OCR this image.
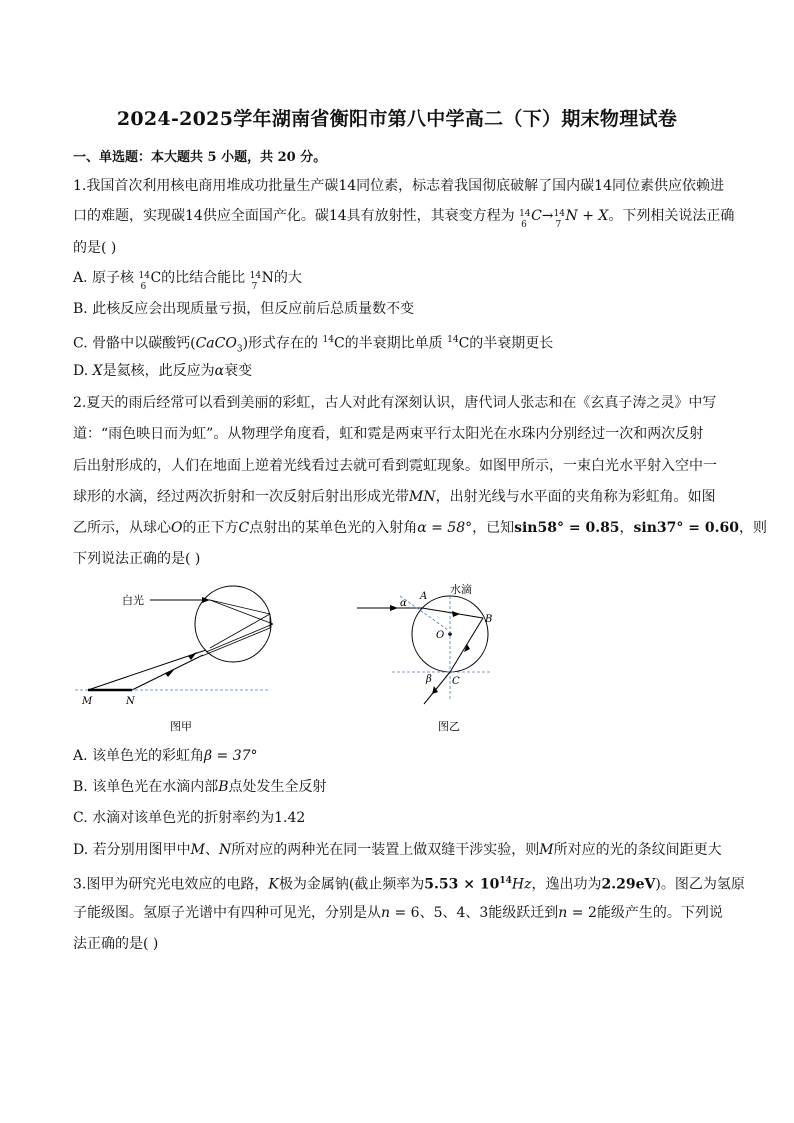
2024-2025学年湖南省衡阳市第八中学高二（下）期末物理试卷
一、单选题：本大题共 5 小题，共 20 分。
1.我国首次利用核电商用堆成功批量生产碳14同位素，标志着我国彻底破解了国内碳14同位素供应依赖进
口的难题，实现碳14供应全面国产化。碳14具有放射性，其衰变方程为 14
6
C→ 14
7
N + X。下列相关说法正确
的是( )
A. 原子核 14
6
C的比结合能比 14
7
N的大
B. 此核反应会出现质量亏损，但反应前后总质量数不变
C. 骨骼中以碳酸钙(CaCO$_3$)形式存在的 $^{14}$C的半衰期比单质 $^{14}$C的半衰期更长
D. X是氦核，此反应为α衰变
2.夏天的雨后经常可以看到美丽的彩虹，古人对此有深刻认识，唐代词人张志和在《玄真子涛之灵》中写
道：“雨色映日而为虹”。从物理学角度看，虹和霓是两束平行太阳光在水珠内分别经过一次和两次反射
后出射形成的，人们在地面上逆着光线看过去就可看到霓虹现象。如图甲所示，一束白光水平射入空中一
球形的水滴，经过两次折射和一次反射后射出形成光带MN，出射光线与水平面的夹角称为彩虹角。如图
乙所示，从球心O的正下方C点射出的某单色光的入射角α = 58°，已知sin58° = 0.85，sin37° = 0.60，则
下列说法正确的是( )
白光
M	N
图甲
水滴
α
A
B
O
β C
图乙
A. 该单色光的彩虹角β = 37°
B. 该单色光在水滴内部B点处发生全反射
C. 水滴对该单色光的折射率约为1.42
D. 若分别用图甲中M、N所对应的两种光在同一装置上做双缝干涉实验，则M所对应的光的条纹间距更大
3.图甲为研究光电效应的电路，K极为金属钠(截止频率为$5.53 \times 10^{14}Hz$，逸出功为2.29eV)。图乙为氢原
子能级图。氢原子光谱中有四种可见光，分别是从n = 6、5、4、3能级跃迁到n = 2能级产生的。下列说
法正确的是( )
